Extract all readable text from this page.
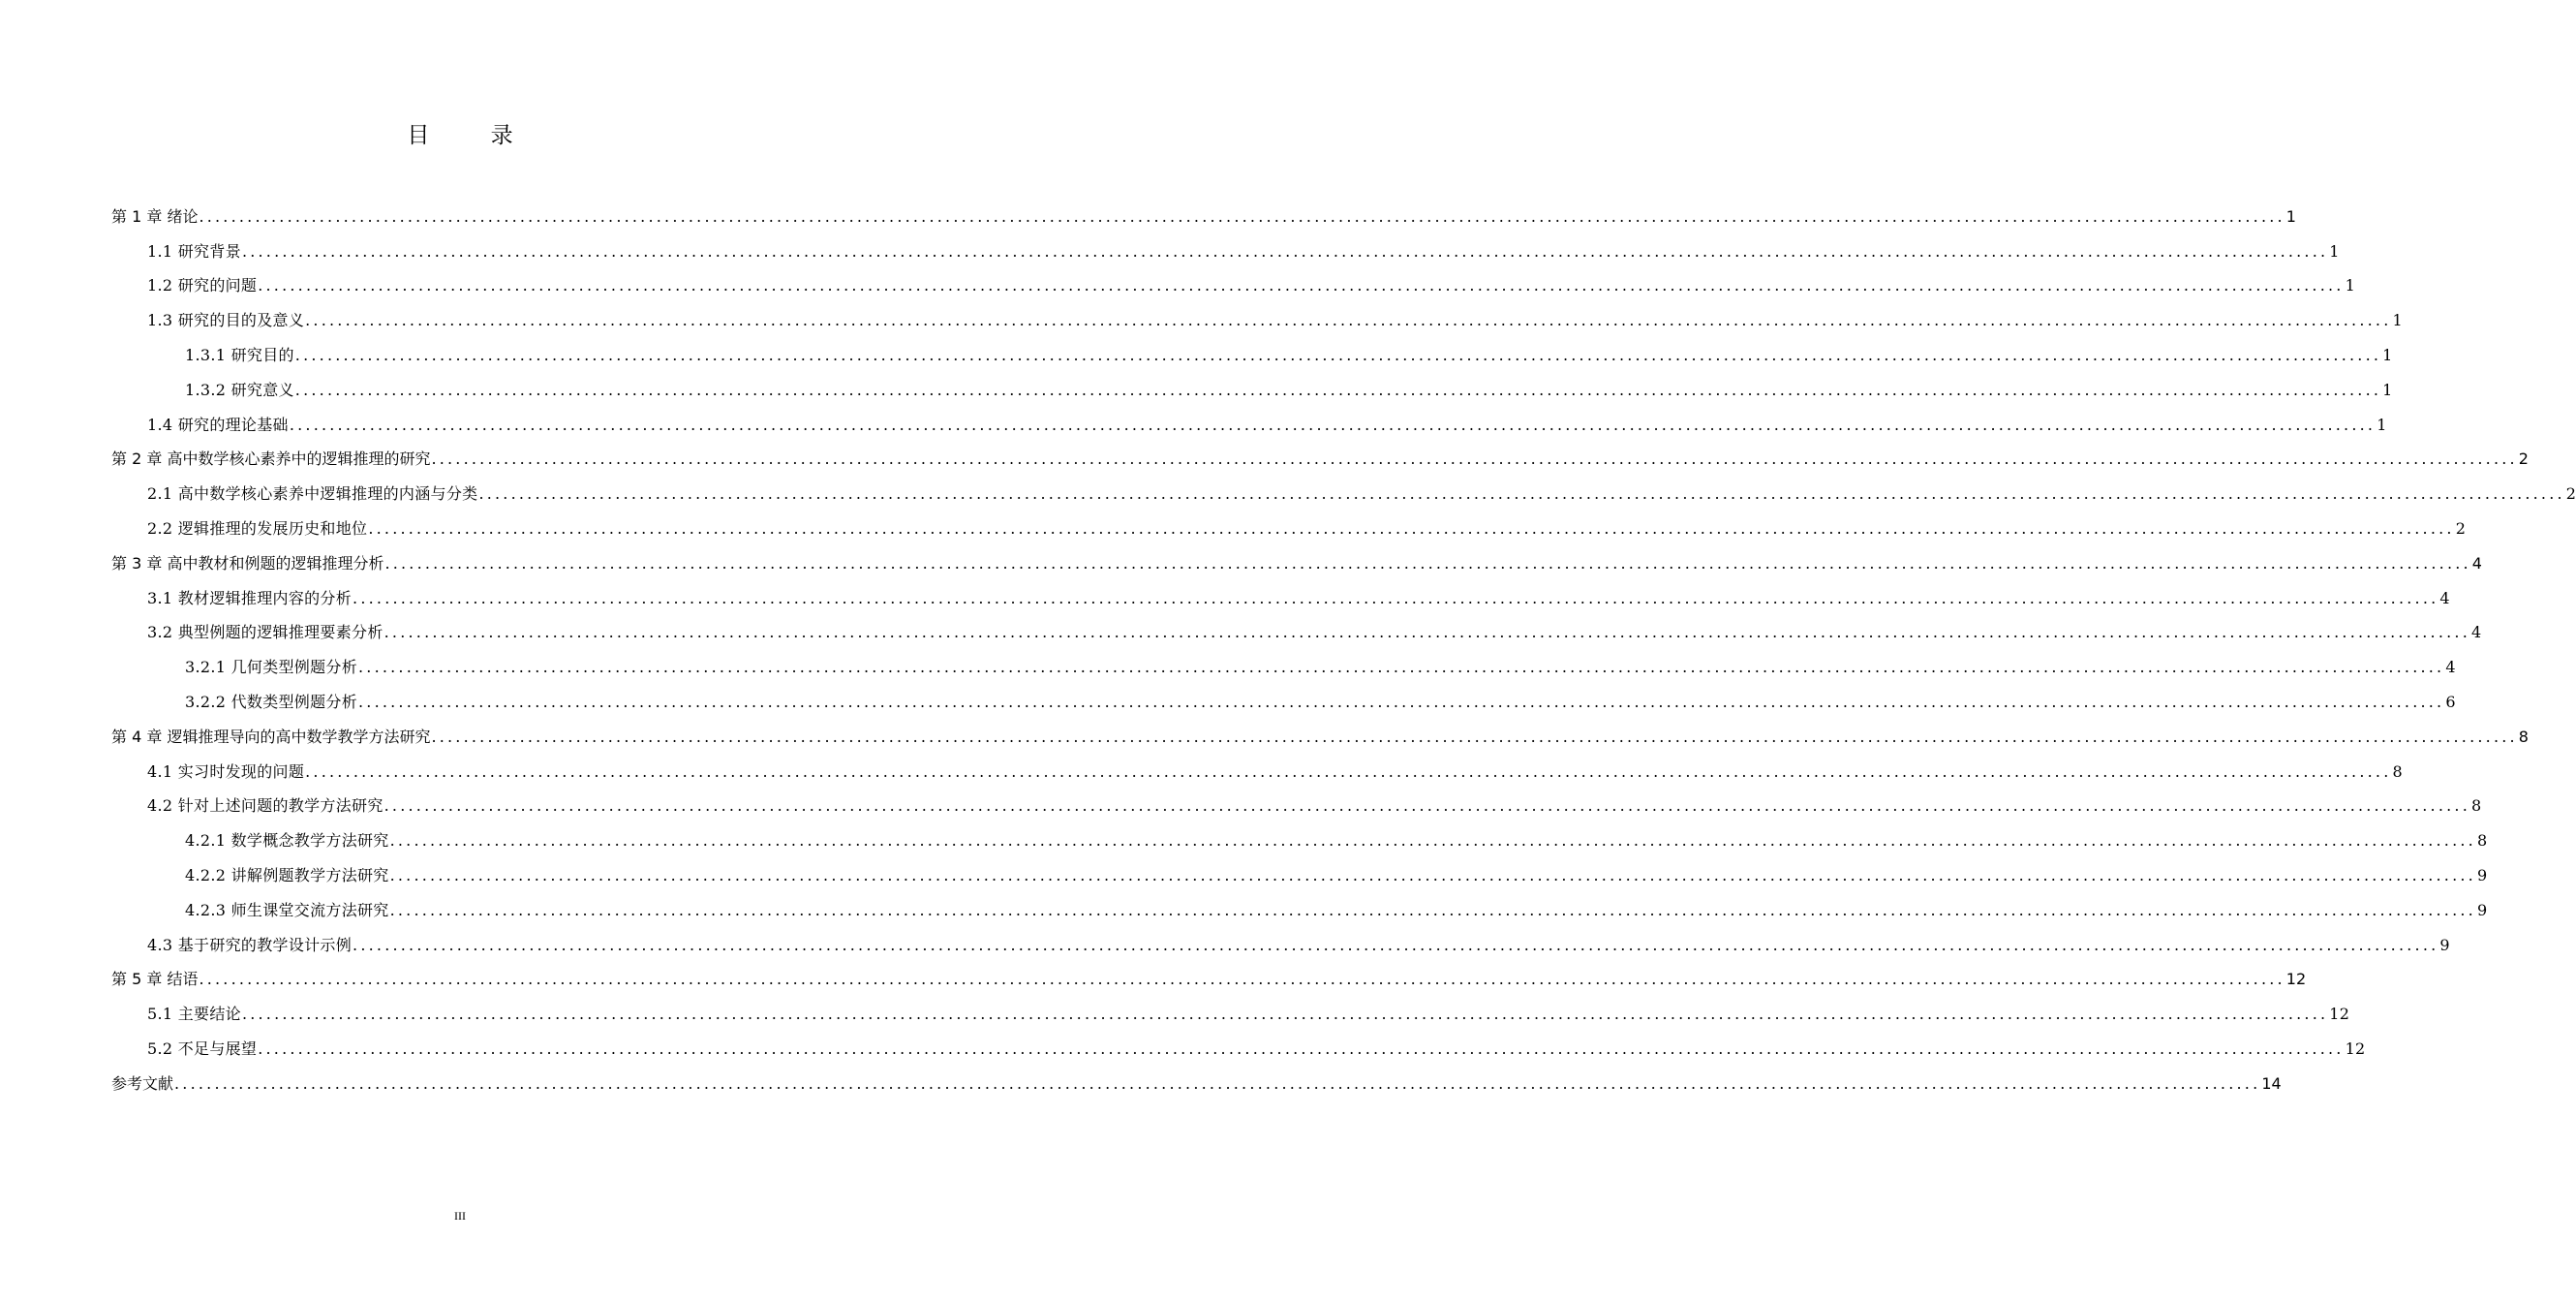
目 录
第 1 章 绪论 .................................................................................................................................................................................................................................................................... 1
1.1 研究背景 .................................................................................................................................................................................................................................................................... 1
1.2 研究的问题 .................................................................................................................................................................................................................................................................... 1
1.3 研究的目的及意义 .................................................................................................................................................................................................................................................................... 1
1.3.1 研究目的 .................................................................................................................................................................................................................................................................... 1
1.3.2 研究意义 .................................................................................................................................................................................................................................................................... 1
1.4 研究的理论基础 .................................................................................................................................................................................................................................................................... 1
第 2 章 高中数学核心素养中的逻辑推理的研究 .................................................................................................................................................................................................................................................................... 2
2.1 高中数学核心素养中逻辑推理的内涵与分类 .................................................................................................................................................................................................................................................................... 2
2.2 逻辑推理的发展历史和地位 .................................................................................................................................................................................................................................................................... 2
第 3 章 高中教材和例题的逻辑推理分析 .................................................................................................................................................................................................................................................................... 4
3.1 教材逻辑推理内容的分析 .................................................................................................................................................................................................................................................................... 4
3.2 典型例题的逻辑推理要素分析 .................................................................................................................................................................................................................................................................... 4
3.2.1 几何类型例题分析 .................................................................................................................................................................................................................................................................... 4
3.2.2 代数类型例题分析 .................................................................................................................................................................................................................................................................... 6
第 4 章 逻辑推理导向的高中数学教学方法研究 .................................................................................................................................................................................................................................................................... 8
4.1 实习时发现的问题 .................................................................................................................................................................................................................................................................... 8
4.2 针对上述问题的教学方法研究 .................................................................................................................................................................................................................................................................... 8
4.2.1 数学概念教学方法研究 .................................................................................................................................................................................................................................................................... 8
4.2.2 讲解例题教学方法研究 .................................................................................................................................................................................................................................................................... 9
4.2.3 师生课堂交流方法研究 .................................................................................................................................................................................................................................................................... 9
4.3 基于研究的教学设计示例 .................................................................................................................................................................................................................................................................... 9
第 5 章 结语 .................................................................................................................................................................................................................................................................... 12
5.1 主要结论 .................................................................................................................................................................................................................................................................... 12
5.2 不足与展望 .................................................................................................................................................................................................................................................................... 12
参考文献 .................................................................................................................................................................................................................................................................... 14
III
